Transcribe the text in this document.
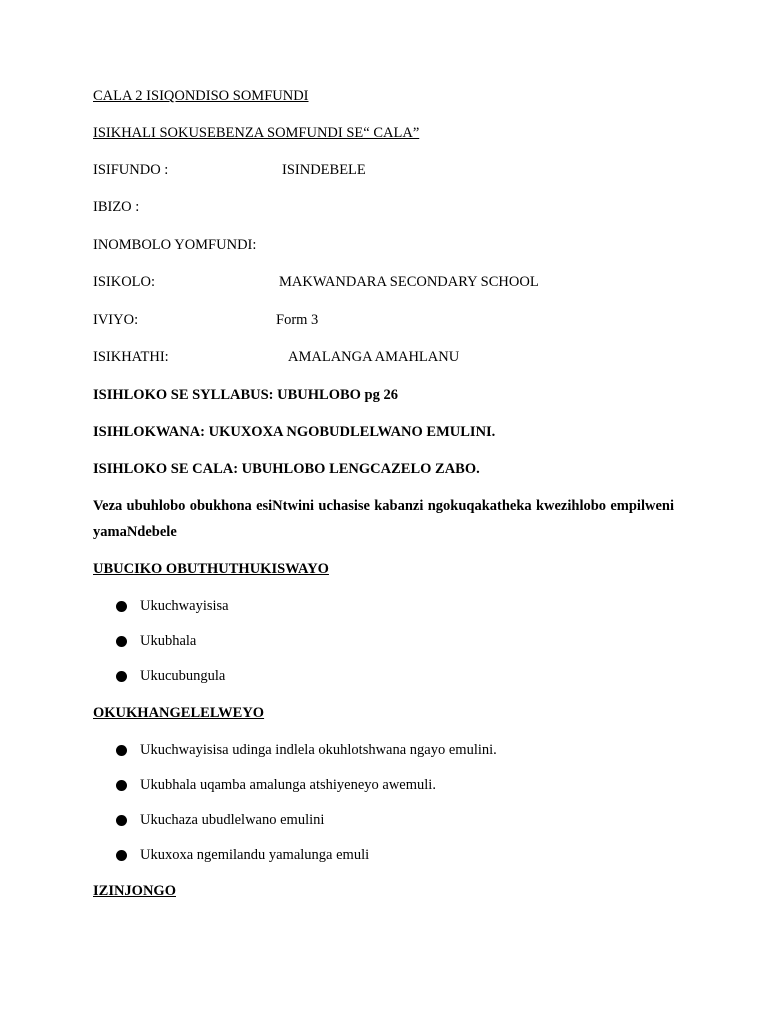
CALA 2 ISIQONDISO SOMFUNDI
ISIKHALI SOKUSEBENZA SOMFUNDI SE“ CALA”
ISIFUNDO :	ISINDEBELE
IBIZO :
INOMBOLO YOMFUNDI:
ISIKOLO:	MAKWANDARA SECONDARY SCHOOL
IVIYO:	Form 3
ISIKHATHI:	AMALANGA AMAHLANU
ISIHLOKO SE SYLLABUS: UBUHLOBO pg 26
ISIHLOKWANA: UKUXOXA NGOBUDLELWANO EMULINI.
ISIHLOKO SE CALA: UBUHLOBO LENGCAZELO ZABO.
Veza ubuhlobo obukhona esiNtwini uchasise kabanzi ngokuqakatheka kwezihlobo empilweni yamaNdebele
UBUCIKO OBUTHUTHUKISWAYO
Ukuchwayisisa
Ukubhala
Ukucubungula
OKUKHANGELELWEYO
Ukuchwayisisa udinga indlela okuhlotshwana ngayo emulini.
Ukubhala uqamba amalunga atshiyeneyo awemuli.
Ukuchaza ubudlelwano emulini
Ukuxoxa ngemilandu yamalunga emuli
IZINJONGO
